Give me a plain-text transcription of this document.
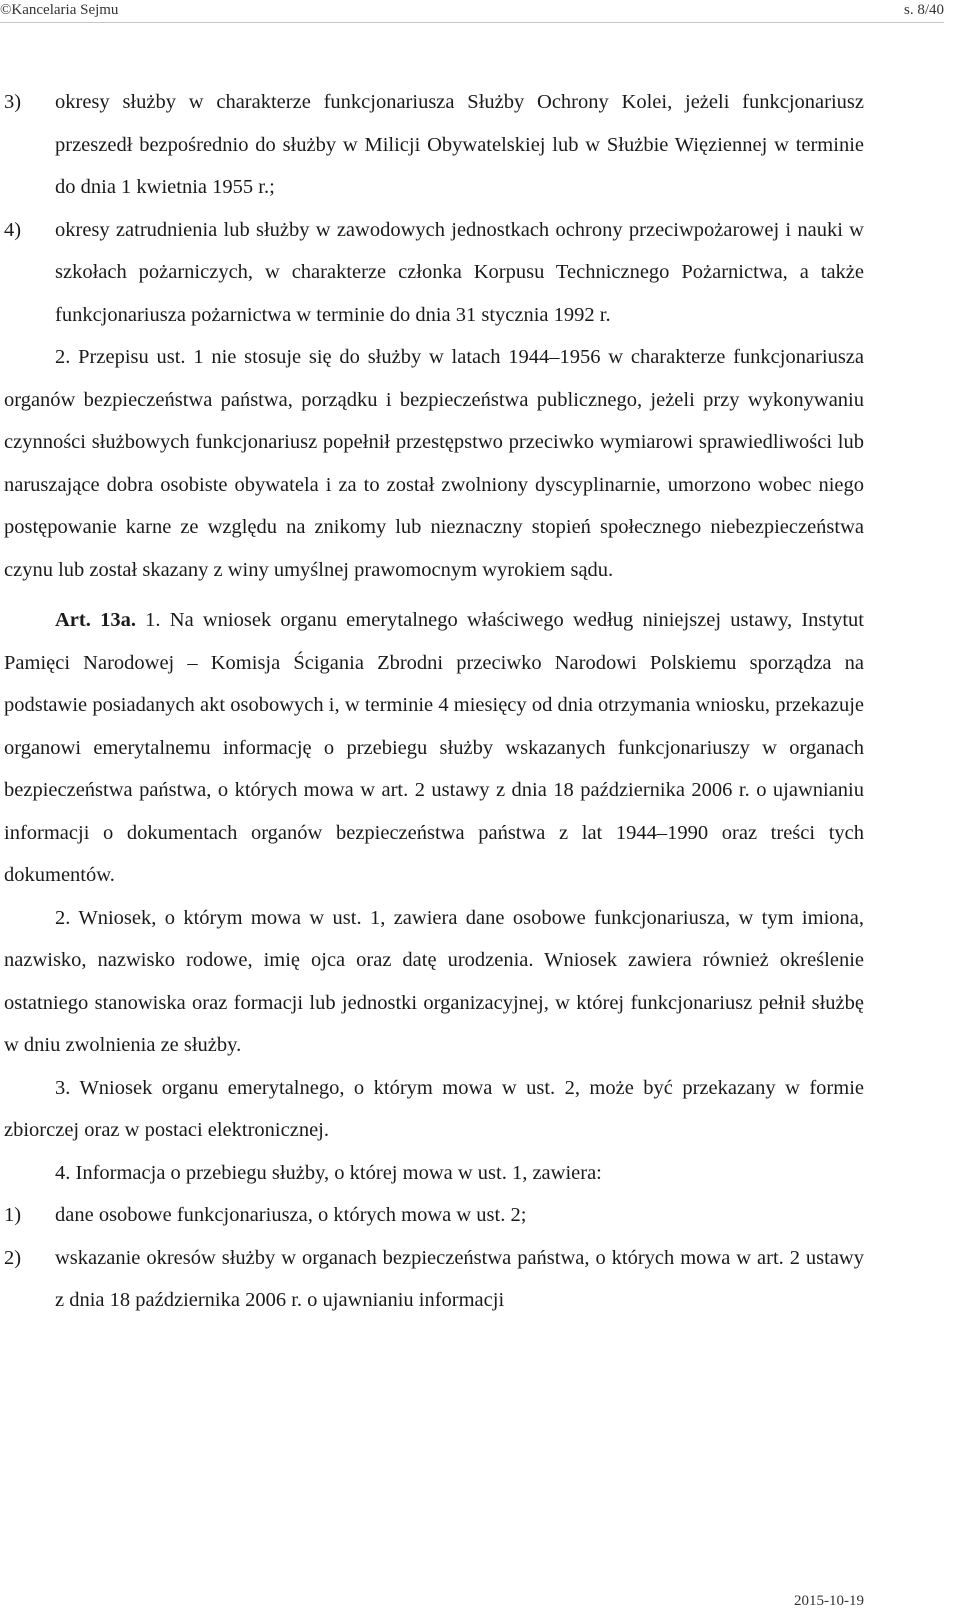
©Kancelaria Sejmu	s. 8/40
3)	okresy służby w charakterze funkcjonariusza Służby Ochrony Kolei, jeżeli funkcjonariusz przeszedł bezpośrednio do służby w Milicji Obywatelskiej lub w Służbie Więziennej w terminie do dnia 1 kwietnia 1955 r.;
4)	okresy zatrudnienia lub służby w zawodowych jednostkach ochrony przeciwpożarowej i nauki w szkołach pożarniczych, w charakterze członka Korpusu Technicznego Pożarnictwa, a także funkcjonariusza pożarnictwa w terminie do dnia 31 stycznia 1992 r.

2. Przepisu ust. 1 nie stosuje się do służby w latach 1944–1956 w charakterze funkcjonariusza organów bezpieczeństwa państwa, porządku i bezpieczeństwa publicznego, jeżeli przy wykonywaniu czynności służbowych funkcjonariusz popełnił przestępstwo przeciwko wymiarowi sprawiedliwości lub naruszające dobra osobiste obywatela i za to został zwolniony dyscyplinarnie, umorzono wobec niego postępowanie karne ze względu na znikomy lub nieznaczny stopień społecznego niebezpieczeństwa czynu lub został skazany z winy umyślnej prawomocnym wyrokiem sądu.

Art. 13a. 1. Na wniosek organu emerytalnego właściwego według niniejszej ustawy, Instytut Pamięci Narodowej – Komisja Ścigania Zbrodni przeciwko Narodowi Polskiemu sporządza na podstawie posiadanych akt osobowych i, w terminie 4 miesięcy od dnia otrzymania wniosku, przekazuje organowi emerytalnemu informację o przebiegu służby wskazanych funkcjonariuszy w organach bezpieczeństwa państwa, o których mowa w art. 2 ustawy z dnia 18 października 2006 r. o ujawnianiu informacji o dokumentach organów bezpieczeństwa państwa z lat 1944–1990 oraz treści tych dokumentów.

2. Wniosek, o którym mowa w ust. 1, zawiera dane osobowe funkcjonariusza, w tym imiona, nazwisko, nazwisko rodowe, imię ojca oraz datę urodzenia. Wniosek zawiera również określenie ostatniego stanowiska oraz formacji lub jednostki organizacyjnej, w której funkcjonariusz pełnił służbę w dniu zwolnienia ze służby.

3. Wniosek organu emerytalnego, o którym mowa w ust. 2, może być przekazany w formie zbiorczej oraz w postaci elektronicznej.

4. Informacja o przebiegu służby, o której mowa w ust. 1, zawiera:

1)	dane osobowe funkcjonariusza, o których mowa w ust. 2;
2)	wskazanie okresów służby w organach bezpieczeństwa państwa, o których mowa w art. 2 ustawy z dnia 18 października 2006 r. o ujawnianiu informacji
2015-10-19
